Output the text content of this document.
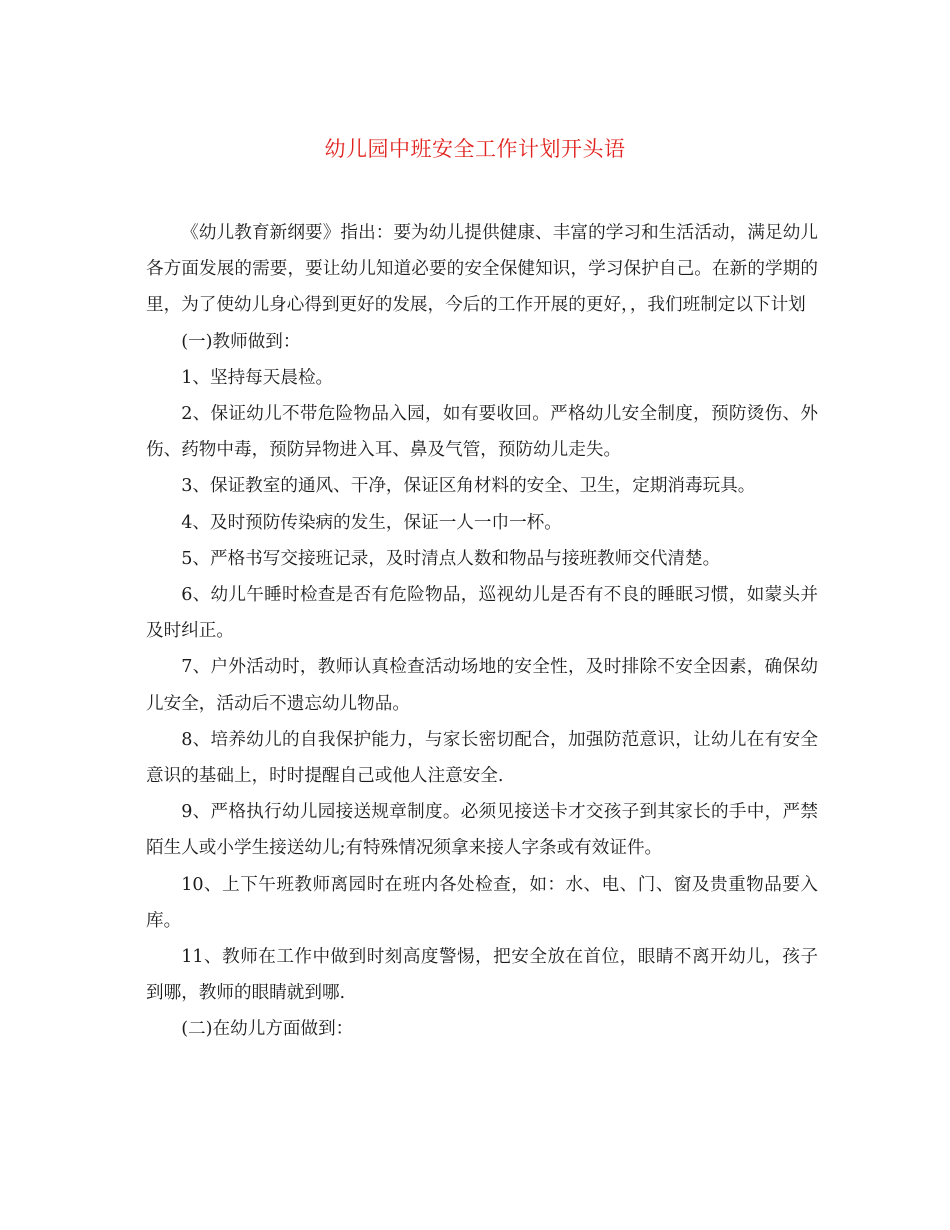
幼儿园中班安全工作计划开头语

《幼儿教育新纲要》指出：要为幼儿提供健康、丰富的学习和生活活动，满足幼儿各方面发展的需要，要让幼儿知道必要的安全保健知识，学习保护自己。在新的学期的里，为了使幼儿身心得到更好的发展，今后的工作开展的更好，，我们班制定以下计划

(一)教师做到：

1、坚持每天晨检。

2、保证幼儿不带危险物品入园，如有要收回。严格幼儿安全制度，预防烫伤、外伤、药物中毒，预防异物进入耳、鼻及气管，预防幼儿走失。

3、保证教室的通风、干净，保证区角材料的安全、卫生，定期消毒玩具。

4、及时预防传染病的发生，保证一人一巾一杯。

5、严格书写交接班记录，及时清点人数和物品与接班教师交代清楚。

6、幼儿午睡时检查是否有危险物品，巡视幼儿是否有不良的睡眠习惯，如蒙头并及时纠正。

7、户外活动时，教师认真检查活动场地的安全性，及时排除不安全因素，确保幼儿安全，活动后不遗忘幼儿物品。

8、培养幼儿的自我保护能力，与家长密切配合，加强防范意识，让幼儿在有安全意识的基础上，时时提醒自己或他人注意安全.

9、严格执行幼儿园接送规章制度。必须见接送卡才交孩子到其家长的手中，严禁陌生人或小学生接送幼儿;有特殊情况须拿来接人字条或有效证件。

10、上下午班教师离园时在班内各处检查，如：水、电、门、窗及贵重物品要入库。

11、教师在工作中做到时刻高度警惕，把安全放在首位，眼睛不离开幼儿，孩子到哪，教师的眼睛就到哪.

(二)在幼儿方面做到：
